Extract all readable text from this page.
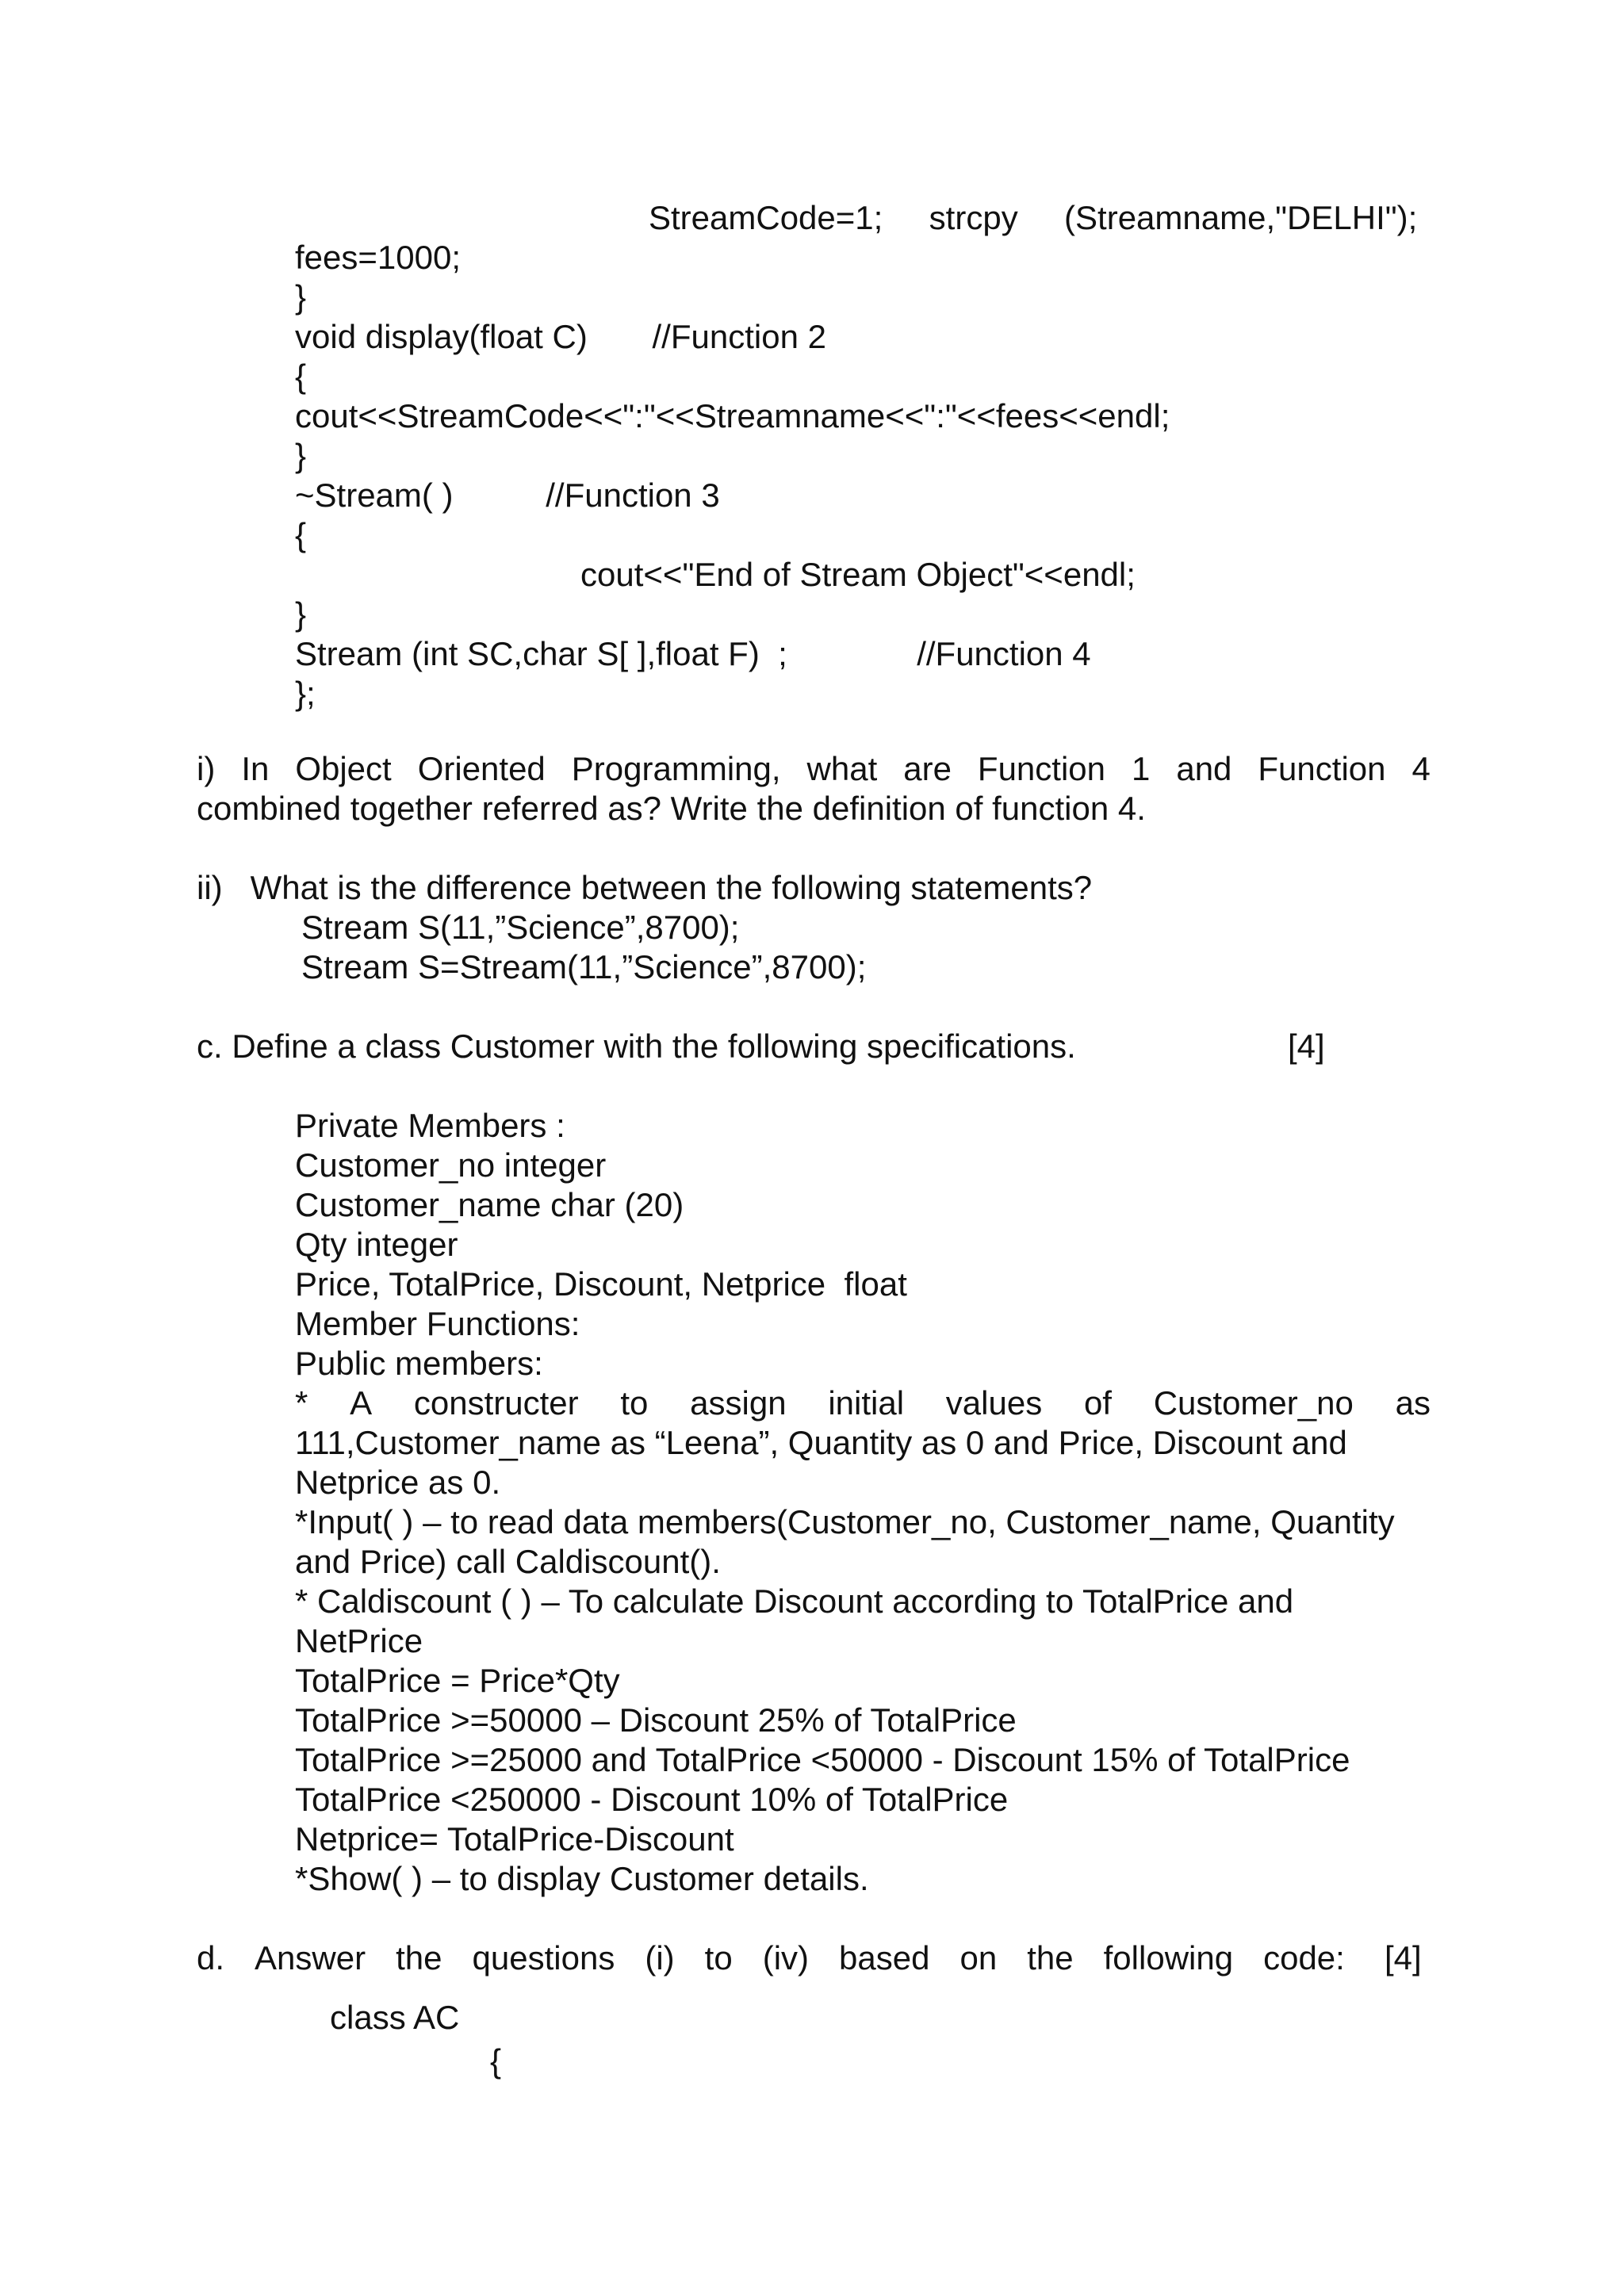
StreamCode=1;     strcpy     (Streamname,"DELHI");
fees=1000;
}
void display(float C)       //Function 2
{
cout<<StreamCode<<":"<<Streamname<<":"<<fees<<endl;
}
~Stream( )          //Function 3
{
cout<<"End of Stream Object"<<endl;
}
Stream (int SC,char S[ ],float F)  ;              //Function 4
};
i) In Object Oriented Programming, what are Function 1 and Function 4
combined together referred as? Write the definition of function 4.
ii)   What is the difference between the following statements?
Stream S(11,”Science”,8700);
Stream S=Stream(11,”Science”,8700);
c. Define a class Customer with the following specifications.	[4]
Private Members :
Customer_no integer
Customer_name char (20)
Qty integer
Price, TotalPrice, Discount, Netprice  float
Member Functions:
Public members:
* A constructer to assign initial values of Customer_no as
111,Customer_name as “Leena”, Quantity as 0 and Price, Discount and
Netprice as 0.
*Input( ) – to read data members(Customer_no, Customer_name, Quantity
and Price) call Caldiscount().
* Caldiscount ( ) – To calculate Discount according to TotalPrice and
NetPrice
TotalPrice = Price*Qty
TotalPrice >=50000 – Discount 25% of TotalPrice
TotalPrice >=25000 and TotalPrice <50000 - Discount 15% of TotalPrice
TotalPrice <250000 - Discount 10% of TotalPrice
Netprice= TotalPrice-Discount
*Show( ) – to display Customer details.
d. Answer the questions (i) to (iv) based on the following code: [4]
class AC
{
